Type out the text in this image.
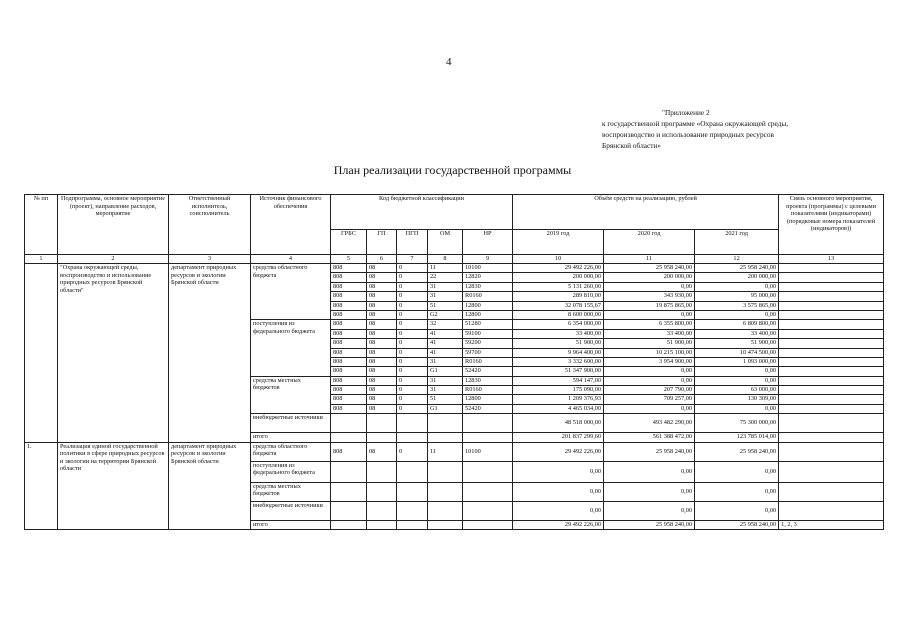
4
"Приложение 2
к государственной программе «Охрана окружающей среды,
воспроизводство и использование природных ресурсов
Брянской области»
План реализации государственной программы
№ пп	Подпрограмма, основное мероприятие (проект), направление расходов, мероприятие	Ответственный исполнитель, соисполнитель	Источник финансового обеспечения	Код бюджетной классификации					Объём средств на реализацию, рублей			Связь основного мероприятия, проекта (программы) с целевыми показателями (индикаторами) (порядковые номера показателей (индикаторов))
				ГРБС	ГП	ПГП	ОМ	НР	2019 год	2020 год	2021 год	
1	2	3	4	5	6	7	8	9	10	11	12	13
	"Охрана окружающей среды, воспроизводство и использование природных ресурсов Брянской области"	департамент природных ресурсов и экологии Брянской области	средства областного бюджета	808	08	0	11	10100	29 492 226,00	25 958 240,00	25 958 240,00	
				808	08	0	22	12820	200 000,00	200 000,00	200 000,00	
				808	08	0	31	12830	5 131 260,00	0,00	0,00	
				808	08	0	31	R0160	289 810,00	343 930,00	95 000,00	
				808	08	0	51	12800	32 078 155,67	19 875 865,00	3 575 865,00	
				808	08	0	G2	12800	8 600 000,00	0,00	0,00	
			поступления из федерального бюджета	808	08	0	32	51280	6 354 000,00	6 355 800,00	6 809 800,00	
				808	08	0	41	59100	33 400,00	33 400,00	33 400,00	
				808	08	0	41	59200	51 900,00	51 900,00	51 900,00	
				808	08	0	41	59700	9 964 400,00	10 215 100,00	10 474 500,00	
				808	08	0	31	R0160	3 332 600,00	3 954 900,00	1 093 000,00	
				808	08	0	G1	52420	51 347 900,00	0,00	0,00	
			средства местных бюджетов	808	08	0	31	12830	594 147,00	0,00	0,00	
				808	08	0	31	R0160	175 090,00	207 790,00	63 000,00	
				808	08	0	51	12800	1 209 376,93	709 257,00	130 309,00	
				808	08	0	G1	52420	4 465 034,00	0,00	0,00	
			внебюджетные источники						48 518 000,00	493 482 290,00	75 300 000,00	
			итого						201 837 299,60	561 388 472,00	123 785 014,00	
1.	Реализация единой государственной политики в сфере природных ресурсов и экологии на территории Брянской области	департамент природных ресурсов и экологии Брянской области	средства областного бюджета	808	08	0	11	10100	29 492 226,00	25 958 240,00	25 958 240,00	
			поступления из федерального бюджета						0,00	0,00	0,00	
			средства местных бюджетов						0,00	0,00	0,00	
			внебюджетные источники						0,00	0,00	0,00	
			итого						29 492 226,00	25 958 240,00	25 958 240,00	1, 2, 3
